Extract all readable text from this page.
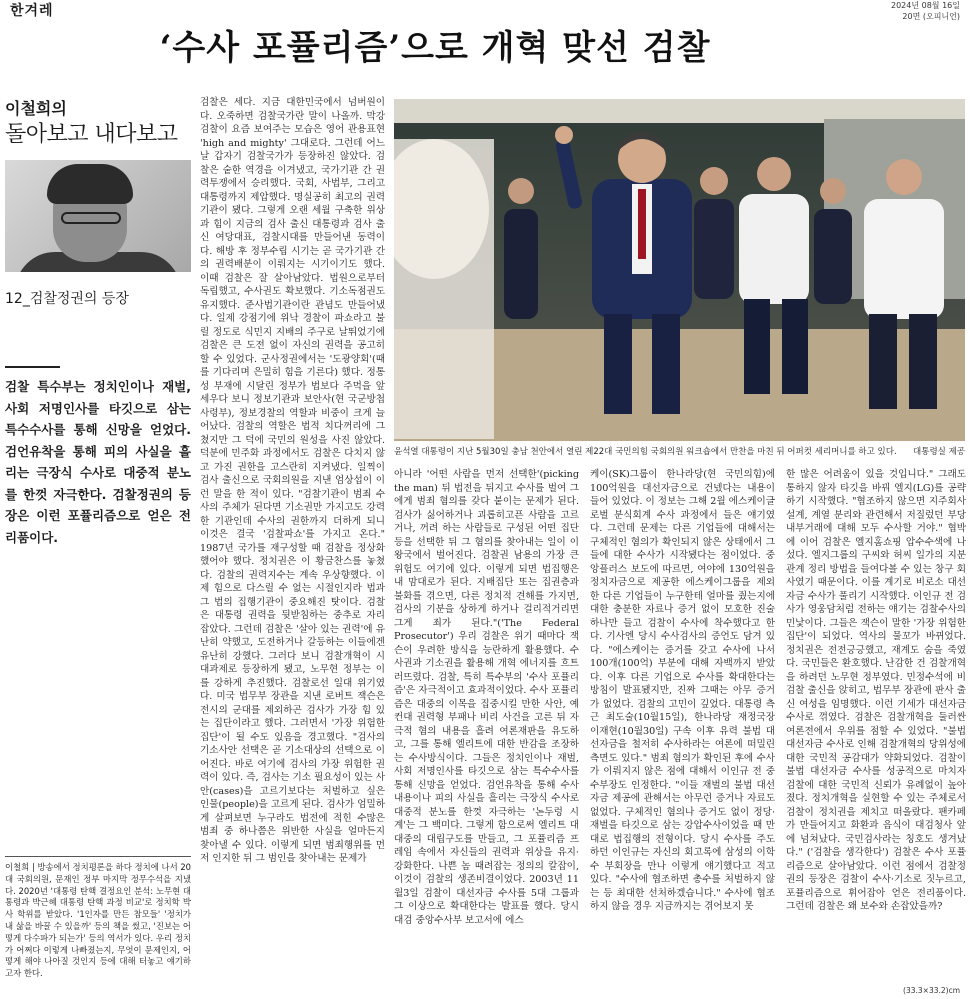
한겨레	2024년 08월 16일
20면 (오피니언)
‘수사 포퓰리즘’으로 개혁 맞선 검찰
이철희의
돌아보고 내다보고
12_검찰정권의 등장

검찰 특수부는 정치인이나 재벌, 사회 저명인사를 타깃으로 삼는 특수수사를 통해 신망을 얻었다. 검언유착을 통해 피의 사실을 흘리는 극장식 수사로 대중적 분노를 한껏 자극한다. 검찰정권의 등장은 이런 포퓰리즘으로 얻은 전리품이다.

이철희 | 방송에서 정치평론을 하다 정치에 나서 20대 국회의원, 문재인 정부 마지막 정무수석을 지냈다. 2020년 '대통령 탄핵 결정요인 분석: 노무현 대통령과 박근혜 대통령 탄핵 과정 비교'로 정치학 박사 학위를 받았다. '1인자를 만든 참모들' '정치가 내 삶을 바꿀 수 있을까' 등의 책을 썼고, '진보는 어떻게 다수파가 되는가' 등의 역서가 있다. 우리 정치가 어쩌다 이렇게 나빠졌는지, 무엇이 문제인지, 어떻게 해야 나아질 것인지 등에 대해 터놓고 얘기하고자 한다.

검찰은 세다. 지금 대한민국에서 넘버원이다. 오죽하면 검찰국가란 말이 나올까. 막강검찰이 요즘 보여주는 모습은 영어 관용표현 'high and mighty' 그대로다. 그런데 어느 날 갑자기 검찰국가가 등장하진 않았다. 검찰은 숱한 역경을 이겨냈고, 국가기관 간 권력투쟁에서 승리했다. 국회, 사법부, 그리고 대통령까지 제압했다. 명실공히 최고의 권력기관이 됐다. 그렇게 오랜 세월 구축한 위상과 힘이 지금의 검사 출신 대통령과 검사 출신 여당대표, 검찰시대를 만들어낸 동력이다. 해방 후 정부수립 시기는 곧 국가기관 간의 권력배분이 이뤄지는 시기이기도 했다. 이때 검찰은 잘 살아남았다. 법원으로부터 독립했고, 수사권도 확보했다. 기소독점권도 유지했다. 준사법기관이란 관념도 만들어냈다. 일제 강점기에 위낙 경찰이 파쇼라고 불릴 정도로 식민지 지배의 주구로 날뛰었기에 검찰은 큰 도전 없이 자신의 권력을 공고히 할 수 있었다. 군사정권에서는 '도광양회'(때를 기다리며 은밀히 힘을 기른다) 했다. 정통성 부재에 시달린 정부가 법보다 주먹을 앞세우다 보니 정보기관과 보안사(현 국군방첩사령부), 정보경찰의 역할과 비중이 크게 늘어났다. 검찰의 역할은 법적 치다꺼리에 그쳤지만 그 덕에 국민의 원성을 사진 않았다. 덕분에 민주화 과정에서도 검찰은 다치지 않고 가진 권한을 고스란히 지켜냈다. 일찍이 검사 출신으로 국회의원을 지낸 엄상섭이 이런 말을 한 적이 있다. "검찰기관이 범죄 수사의 주체가 된다면 기소권만 가지고도 강력한 기관인데 수사의 권한까지 더하게 되니 이것은 결국 '검찰파쇼'를 가지고 온다." 1987년 국가를 재구성할 때 검찰을 정상화했어야 했다. 정치권은 이 황금찬스를 놓쳤다. 검찰의 권력지수는 계속 우상향했다. 이제 힘으로 다스릴 수 없는 시절인지라 법과 그 법의 집행기관이 중요해진 탓이다. 검찰은 대통령 권력을 뒷받침하는 중추로 자리 잡았다. 그런데 검찰은 '살아 있는 권력'에 유난히 약했고, 도전하거나 갈등하는 이들에겐 유난히 강했다. 그러다 보니 검찰개혁이 시대과제로 등장하게 됐고, 노무현 정부는 이를 강하게 추진했다. 검찰로선 일대 위기였다. 미국 법무부 장관을 지낸 로버트 잭슨은 전시의 군대를 제외하곤 검사가 가장 힘 있는 집단이라고 했다. 그러면서 '가장 위험한 집단'이 될 수도 있음을 경고했다. "검사의 기소사안 선택은 곧 기소대상의 선택으로 이어진다. 바로 여기에 검사의 가장 위험한 권력이 있다. 즉, 검사는 기소 필요성이 있는 사안(cases)을 고르기보다는 처벌하고 싶은 인물(people)을 고르게 된다. 검사가 엄밀하게 살펴보면 누구라도 법전에 적힌 수많은 범죄 중 하나쯤은 위반한 사실을 얼마든지 찾아낼 수 있다. 이렇게 되면 범죄행위를 먼저 인지한 뒤 그 범인을 찾아내는 문제가
윤석열 대통령이 지난 5월30일 충남 천안에서 열린 제22대 국민의힘 국회의원 워크숍에서 만찬을 마친 뒤 어퍼컷 세리머니를 하고 있다. 대통령실 제공
아니라 '어떤 사람을 먼저 선택한'(picking the man) 뒤 법전을 뒤지고 수사를 벌여 그에게 범죄 혐의를 갖다 붙이는 문제가 된다. 검사가 싫어하거나 괴롭히고픈 사람을 고르거나, 꺼려 하는 사람들로 구성된 어떤 집단 등을 선택한 뒤 그 혐의를 찾아내는 일이 이 왕국에서 벌어진다. 검찰권 남용의 가장 큰 위험도 여기에 있다. 이렇게 되면 법집행은 내 맘대로가 된다. 지배집단 또는 집권층과 불화를 겪으면, 다른 정치적 견해를 가지면, 검사의 기분을 상하게 하거나 걸리적거리면 그게 죄가 된다."('The Federal Prosecutor') 우리 검찰은 위기 때마다 잭슨이 우려한 방식을 능란하게 활용했다. 수사권과 기소권을 활용해 개혁 에너지를 흐트러뜨렸다. 검찰, 특히 특수부의 '수사 포퓰리즘'은 자극적이고 효과적이었다. 수사 포퓰리즘은 대중의 이목을 집중시킬 만한 사안, 예컨대 권력형 부패나 비리 사건을 고른 뒤 자극적 혐의 내용을 흘려 여론재판을 유도하고, 그를 통해 엘리트에 대한 반감을 조장하는 수사방식이다. 그들은 정치인이나 재벌, 사회 저명인사를 타깃으로 삼는 특수수사를 통해 신망을 얻었다. 검언유착을 통해 수사내용이나 피의 사실을 흘리는 극장식 수사로 대중적 분노를 한껏 자극하는 '논두렁 시계'는 그 백미다. 그렇게 함으로써 엘리트 대 대중의 대립구도를 만들고, 그 포퓰리즘 프레임 속에서 자신들의 권력과 위상을 유지·강화한다. 나쁜 놈 때려잡는 정의의 칼잡이, 이것이 검찰의 생존비결이었다. 2003년 11월3일 검찰이 대선자금 수사를 5대 그룹과 그 이상으로 확대한다는 발표를 했다. 당시 대검 중앙수사부 보고서에 에스
케이(SK)그룹이 한나라당(현 국민의힘)에 100억원을 대선자금으로 건넸다는 내용이 들어 있었다. 이 정보는 그해 2월 에스케이글로벌 분식회계 수사 과정에서 들은 얘기였다. 그런데 문제는 다른 기업들에 대해서는 구체적인 혐의가 확인되지 않은 상태에서 그들에 대한 수사가 시작됐다는 점이었다. 중앙플러스 보도에 따르면, 여야에 130억원을 정치자금으로 제공한 에스케이그룹을 제외한 다른 기업들이 누구한테 얼마를 줬는지에 대한 충분한 자료나 증거 없이 모호한 진술 하나만 들고 검찰이 수사에 착수했다고 한다. 기사엔 당시 수사검사의 증언도 담겨 있다. "에스케이는 증거를 갖고 수사에 나서 100개(100억) 부분에 대해 자백까지 받았다. 이후 다른 기업으로 수사를 확대한다는 방침이 발표됐지만, 진짜 그때는 아무 증거가 없었다. 검찰의 고민이 깊었다. 대통령 측근 최도술(10월15일), 한나라당 재정국장 이재현(10월30일) 구속 이후 유력 불법 대선자금을 철저히 수사하라는 여론에 떠밀린 측면도 있다." 범죄 혐의가 확인된 후에 수사가 이뤄지지 않은 점에 대해서 이인규 전 중수부장도 인정한다. "이들 재벌의 불법 대선자금 제공에 관해서는 아무런 증거나 자료도 없었다. 구체적인 혐의나 증거도 없이 정당·재벌을 타깃으로 삼는 강압수사이었을 때 만대로 법집행의 전형이다. 당시 수사를 주도하던 이인규는 자신의 회고록에 삼성의 이학수 부회장을 만나 이렇게 얘기했다고 적고 있다. "수사에 협조하면 총수를 처벌하지 않는 등 최대한 선처하겠습니다." 수사에 협조하지 않을 경우 지금까지는 겪어보지 못
한 많은 어려움이 있을 것입니다." 그래도 통하지 않자 타깃을 바꿔 엘지(LG)를 공략하기 시작했다. "협조하지 않으면 지주회사 설계, 계열 분리와 관련해서 저질렀던 부당 내부거래에 대해 모두 수사할 거야." 협박에 이어 검찰은 엘지홈쇼핑 압수수색에 나섰다. 엘지그룹의 구씨와 허씨 일가의 지분관계 정리 방법을 들여다볼 수 있는 창구 회사였기 때문이다. 이를 계기로 비로소 대선자금 수사가 풀리기 시작했다. 이인규 전 검사가 영웅담처럼 전하는 얘기는 검찰수사의 민낯이다. 그들은 잭슨이 말한 '가장 위험한 집단'이 되었다. 역사의 물꼬가 바뀌었다. 정치권은 전전긍긍했고, 재계도 숨을 죽였다. 국민들은 환호했다. 난감한 건 검찰개혁을 하려던 노무현 정부였다. 민정수석에 비검찰 출신을 앉히고, 법무부 장관에 판사 출신 여성을 임명했다. 이런 기세가 대선자금 수사로 꺾였다. 검찰은 검찰개혁을 둘러싼 여론전에서 우위를 점할 수 있었다. "불법 대선자금 수사로 인해 검찰개혁의 당위성에 대한 국민적 공감대가 약화되었다. 검찰이 불법 대선자금 수사를 성공적으로 마치자 검찰에 대한 국민적 신뢰가 유례없이 높아졌다. 정치개혁을 실현할 수 있는 주체로서 검찰이 정치권을 제치고 떠올랐다. 팬카페가 만들어지고 화환과 음식이 대검청사 앞에 넘쳐났다. 국민검사라는 칭호도 생겨났다." ('검찰을 생각한다') 검찰은 수사 포퓰리즘으로 살아남았다. 이런 점에서 검찰정권의 등장은 검찰이 수사·기소로 짓누르고, 포퓰리즘으로 휘어잡아 얻은 전리품이다. 그런데 검찰은 왜 보수와 손잡았을까?
(33.3×33.2)cm
